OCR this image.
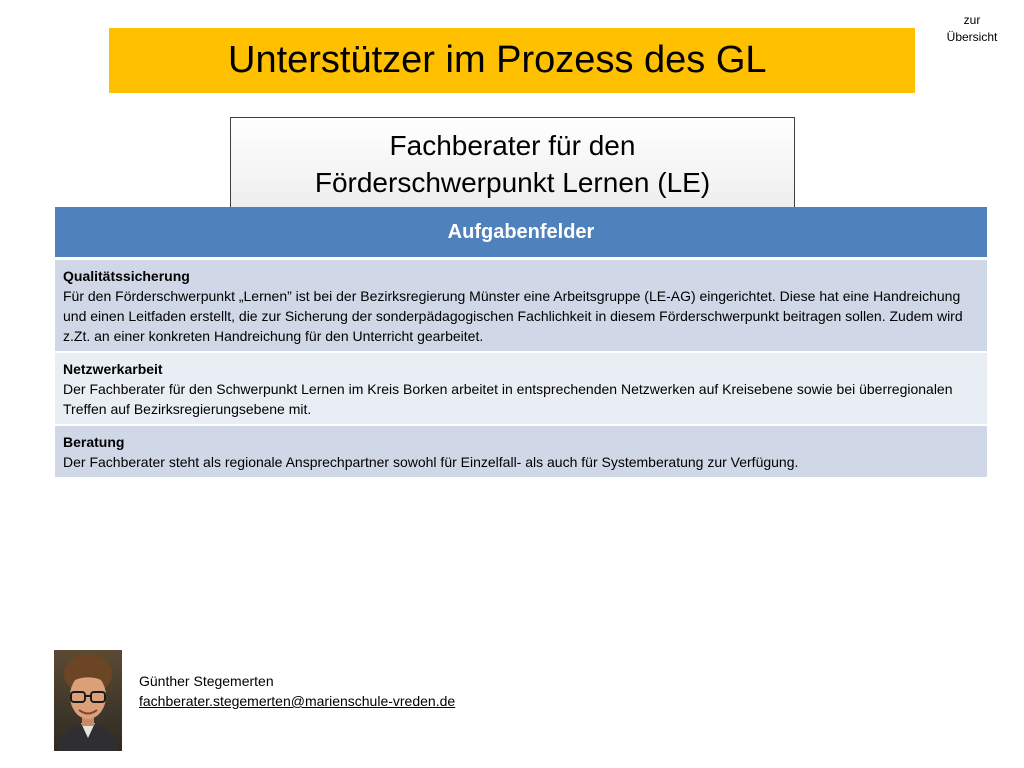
zur
Übersicht
Unterstützer im Prozess des GL
Fachberater für den
Förderschwerpunkt Lernen (LE)
Aufgabenfelder
Qualitätssicherung
Für den Förderschwerpunkt „Lernen” ist bei der Bezirksregierung Münster eine Arbeitsgruppe (LE-AG) eingerichtet. Diese hat eine Handreichung und einen Leitfaden erstellt, die zur Sicherung der sonderpädagogischen Fachlichkeit in diesem Förderschwerpunkt beitragen sollen. Zudem wird z.Zt. an einer konkreten Handreichung für den Unterricht gearbeitet.
Netzwerkarbeit
Der Fachberater für den Schwerpunkt Lernen im Kreis Borken arbeitet in entsprechenden Netzwerken auf Kreisebene sowie bei überregionalen Treffen auf Bezirksregierungsebene mit.
Beratung
Der Fachberater steht als regionale Ansprechpartner sowohl für Einzelfall- als auch für Systemberatung zur Verfügung.
Günther Stegemerten
fachberater.stegemerten@marienschule-vreden.de
